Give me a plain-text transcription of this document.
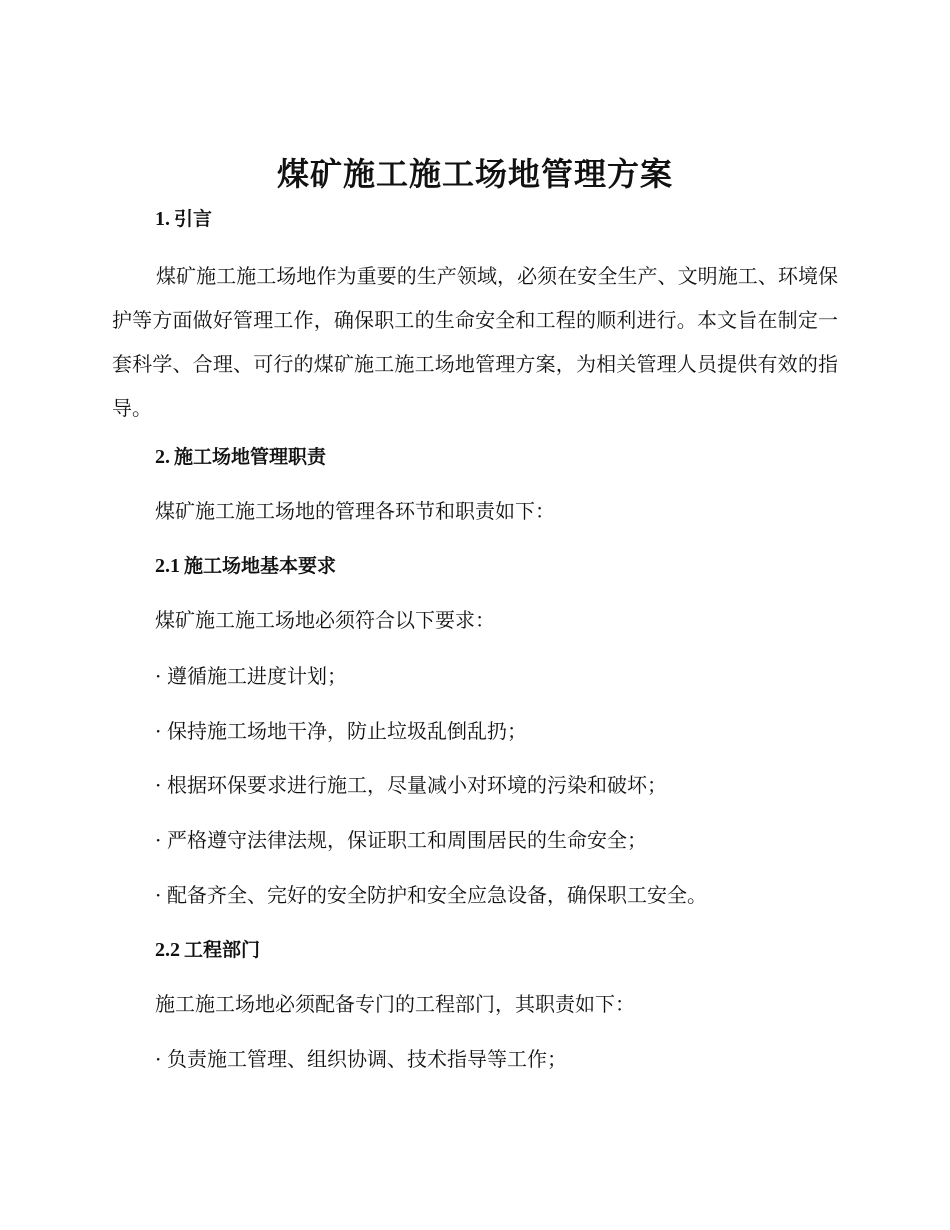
煤矿施工施工场地管理方案
1. 引言

煤矿施工施工场地作为重要的生产领域，必须在安全生产、文明施工、环境保护等方面做好管理工作，确保职工的生命安全和工程的顺利进行。本文旨在制定一套科学、合理、可行的煤矿施工施工场地管理方案，为相关管理人员提供有效的指导。

2. 施工场地管理职责

煤矿施工施工场地的管理各环节和职责如下：

2.1 施工场地基本要求

煤矿施工施工场地必须符合以下要求：

· 遵循施工进度计划；

· 保持施工场地干净，防止垃圾乱倒乱扔；

· 根据环保要求进行施工，尽量减小对环境的污染和破坏；

· 严格遵守法律法规，保证职工和周围居民的生命安全；

· 配备齐全、完好的安全防护和安全应急设备，确保职工安全。

2.2 工程部门

施工施工场地必须配备专门的工程部门，其职责如下：

· 负责施工管理、组织协调、技术指导等工作；
